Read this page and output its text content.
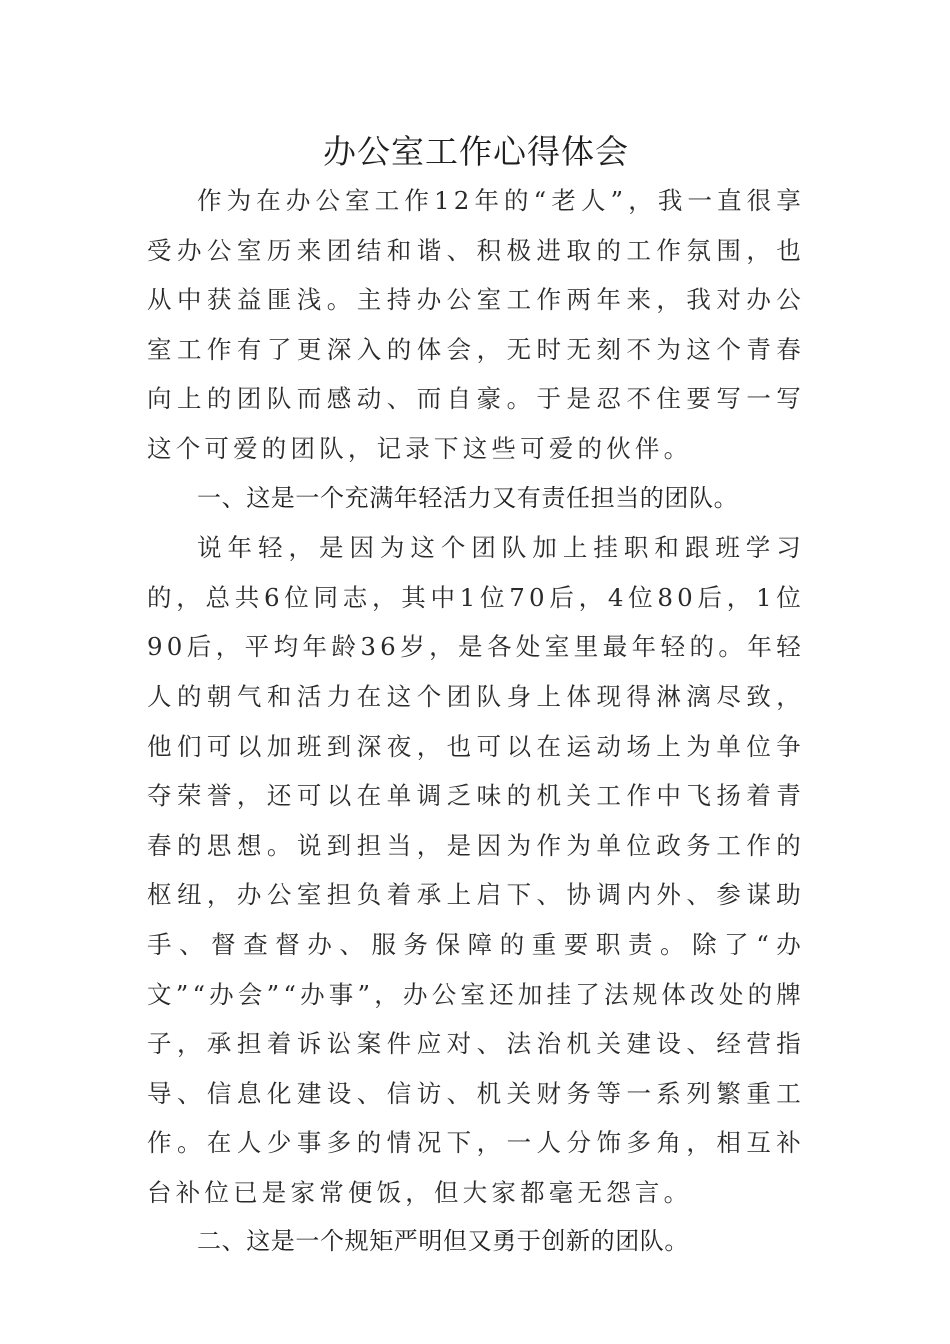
办公室工作心得体会

作为在办公室工作12年的“老人”，我一直很享受办公室历来团结和谐、积极进取的工作氛围，也从中获益匪浅。主持办公室工作两年来，我对办公室工作有了更深入的体会，无时无刻不为这个青春向上的团队而感动、而自豪。于是忍不住要写一写这个可爱的团队，记录下这些可爱的伙伴。

一、这是一个充满年轻活力又有责任担当的团队。

说年轻，是因为这个团队加上挂职和跟班学习的，总共6位同志，其中1位70后，4位80后，1位90后，平均年龄36岁，是各处室里最年轻的。年轻人的朝气和活力在这个团队身上体现得淋漓尽致，他们可以加班到深夜，也可以在运动场上为单位争夺荣誉，还可以在单调乏味的机关工作中飞扬着青春的思想。说到担当，是因为作为单位政务工作的枢纽，办公室担负着承上启下、协调内外、参谋助手、督查督办、服务保障的重要职责。除了“办文”“办会”“办事”，办公室还加挂了法规体改处的牌子，承担着诉讼案件应对、法治机关建设、经营指导、信息化建设、信访、机关财务等一系列繁重工作。在人少事多的情况下，一人分饰多角，相互补台补位已是家常便饭，但大家都毫无怨言。

二、这是一个规矩严明但又勇于创新的团队。
